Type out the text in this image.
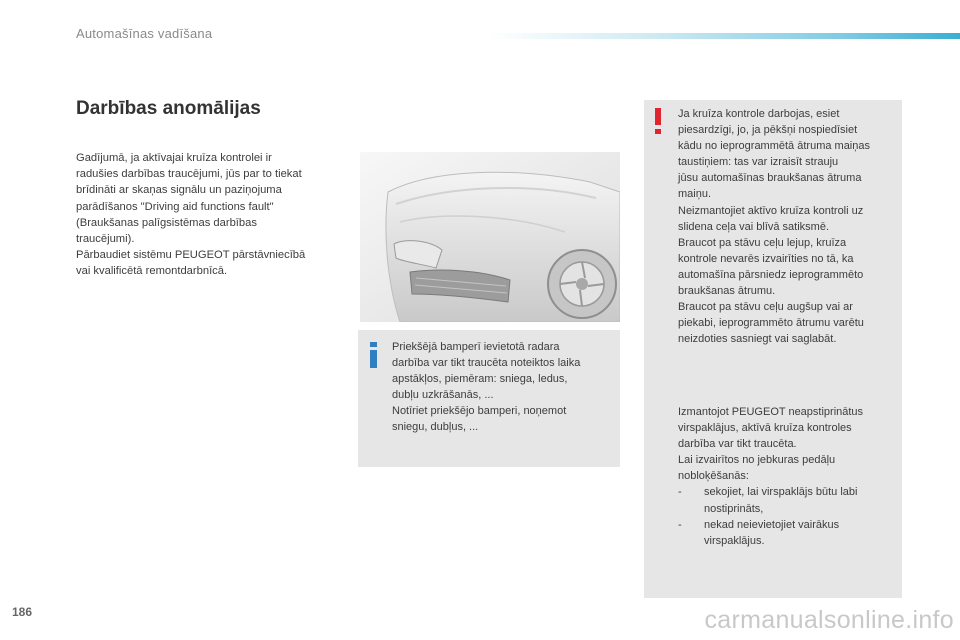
Automašīnas vadīšana
Darbības anomālijas

Gadījumā, ja aktīvajai kruīza kontrolei ir

radušies darbības traucējumi, jūs par to tiekat

brīdināti ar skaņas signālu un paziņojuma

parādīšanos "Driving aid functions fault"

(Braukšanas palīgsistēmas darbības

traucējumi).

Pārbaudiet sistēmu PEUGEOT pārstāvniecībā

vai kvalificētā remontdarbnīcā.

Priekšējā bamperī ievietotā radara
darbība var tikt traucēta noteiktos laika
apstākļos, piemēram: sniega, ledus,
dubļu uzkrāšanās, ...
Notīriet priekšējo bamperi, noņemot
sniegu, dubļus, ...
Ja kruīza kontrole darbojas, esiet
piesardzīgi, jo, ja pēkšņi nospiedīsiet
kādu no ieprogrammētā ātruma maiņas
taustiņiem: tas var izraisīt strauju
jūsu automašīnas braukšanas ātruma
maiņu.
Neizmantojiet aktīvo kruīza kontroli uz
slidena ceļa vai blīvā satiksmē.
Braucot pa stāvu ceļu lejup, kruīza
kontrole nevarēs izvairīties no tā, ka
automašīna pārsniedz ieprogrammēto
braukšanas ātrumu.
Braucot pa stāvu ceļu augšup vai ar
piekabi, ieprogrammēto ātrumu varētu
neizdoties sasniegt vai saglabāt.
Izmantojot PEUGEOT neapstiprinātus
virspaklājus, aktīvā kruīza kontroles
darbība var tikt traucēta.
Lai izvairītos no jebkuras pedāļu
nobloķēšanās:
-	sekojiet, lai virspaklājs būtu labi
nostiprināts,
-	nekad neievietojiet vairākus
virspaklājus.
186	carmanualsonline.info
